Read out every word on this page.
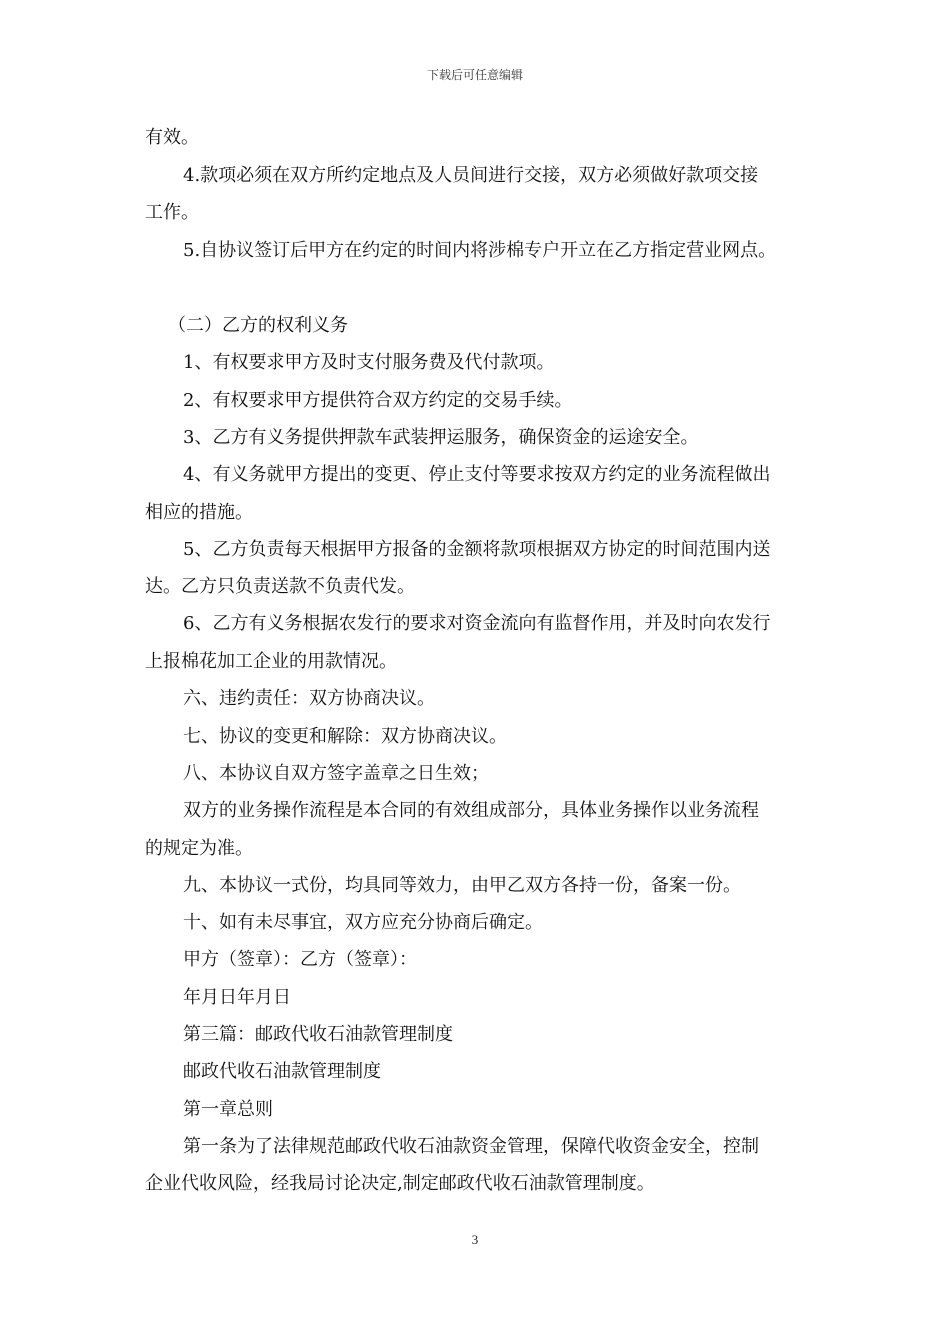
下载后可任意编辑
有效。
4.款项必须在双方所约定地点及人员间进行交接，双方必须做好款项交接
工作。
5.自协议签订后甲方在约定的时间内将涉棉专户开立在乙方指定营业网点。
（二）乙方的权利义务
1、有权要求甲方及时支付服务费及代付款项。
2、有权要求甲方提供符合双方约定的交易手续。
3、乙方有义务提供押款车武装押运服务，确保资金的运途安全。
4、有义务就甲方提出的变更、停止支付等要求按双方约定的业务流程做出
相应的措施。
5、乙方负责每天根据甲方报备的金额将款项根据双方协定的时间范围内送
达。乙方只负责送款不负责代发。
6、乙方有义务根据农发行的要求对资金流向有监督作用，并及时向农发行
上报棉花加工企业的用款情况。
六、违约责任：双方协商决议。
七、协议的变更和解除：双方协商决议。
八、本协议自双方签字盖章之日生效；
双方的业务操作流程是本合同的有效组成部分，具体业务操作以业务流程
的规定为准。
九、本协议一式份，均具同等效力，由甲乙双方各持一份，备案一份。
十、如有未尽事宜，双方应充分协商后确定。
甲方（签章）：乙方（签章）：
年月日年月日
第三篇：邮政代收石油款管理制度
邮政代收石油款管理制度
第一章总则
第一条为了法律规范邮政代收石油款资金管理，保障代收资金安全，控制
企业代收风险，经我局讨论决定,制定邮政代收石油款管理制度。
3
